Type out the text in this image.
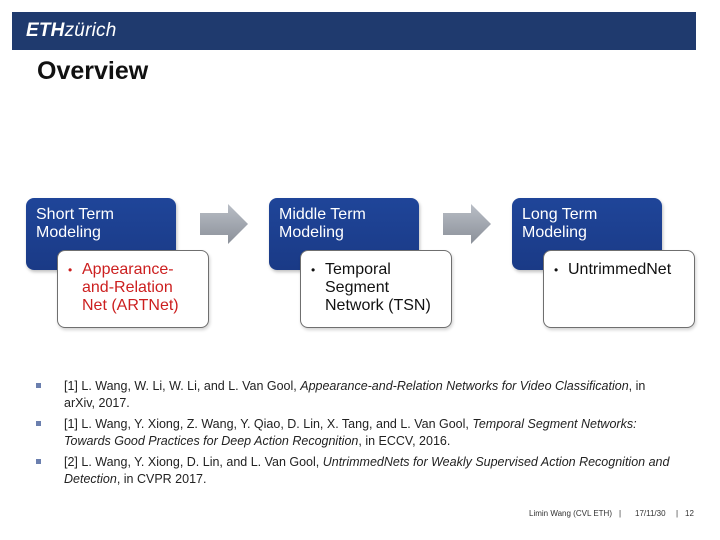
ETHzürich
Overview
Short Term Modeling
• Appearance-and-Relation Net (ARTNet)
Middle Term Modeling
• Temporal Segment Network (TSN)
Long Term Modeling
• UntrimmedNet
[1] L. Wang, W. Li, W. Li, and L. Van Gool, Appearance-and-Relation Networks for Video Classification, in arXiv, 2017.
[1] L. Wang, Y. Xiong, Z. Wang, Y. Qiao, D. Lin, X. Tang, and L. Van Gool, Temporal Segment Networks: Towards Good Practices for Deep Action Recognition, in ECCV, 2016.
[2] L. Wang, Y. Xiong, D. Lin, and L. Van Gool, UntrimmedNets for Weakly Supervised Action Recognition and Detection, in CVPR 2017.
Limin Wang (CVL ETH) | 17/11/30 | 12
